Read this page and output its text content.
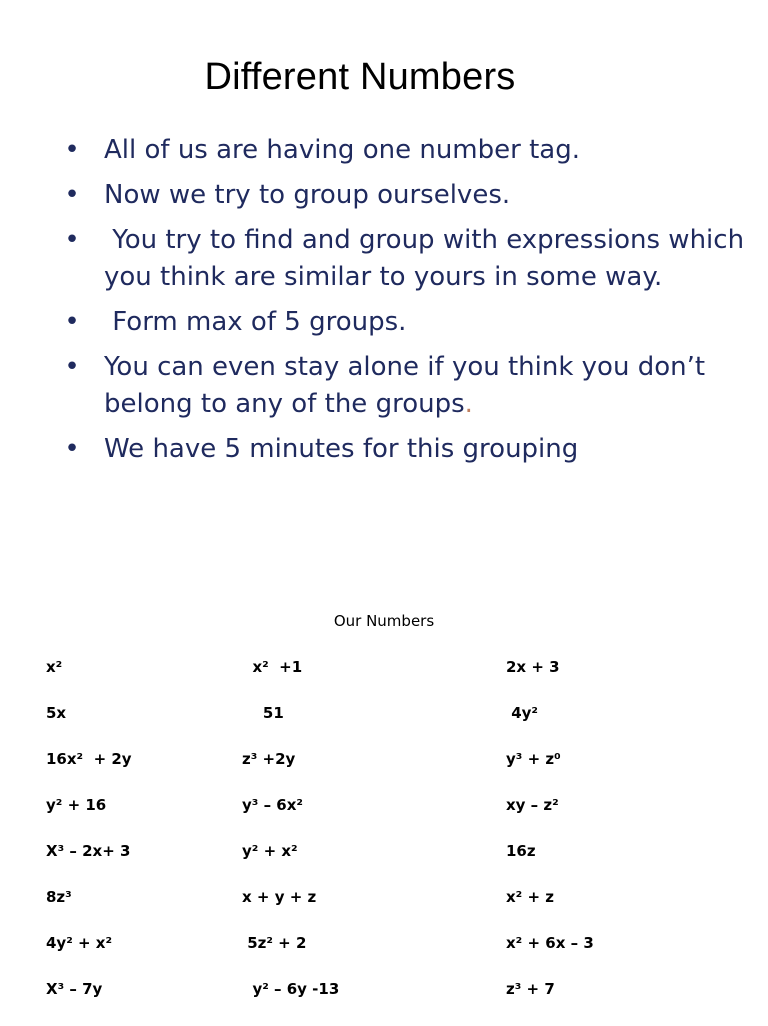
Different Numbers
• All of us are having one number tag.
• Now we try to group ourselves.
• You try to find and group with expressions which you think are similar to yours in some way.
• Form max of 5 groups.
• You can even stay alone if you think you don’t belong to any of the groups.
• We have 5 minutes for this grouping
Our Numbers
x²	x²  +1	2x + 3
5x	51	4y²
16x²  + 2y	z³ +2y	y³ + z⁰
y² + 16	y³ – 6x²	xy – z²
X³ – 2x+ 3	y² + x²	16z
8z³	x + y + z	x² + z
4y² + x²	5z² + 2	x² + 6x – 3
X³ – 7y	y² – 6y -13	z³ + 7
